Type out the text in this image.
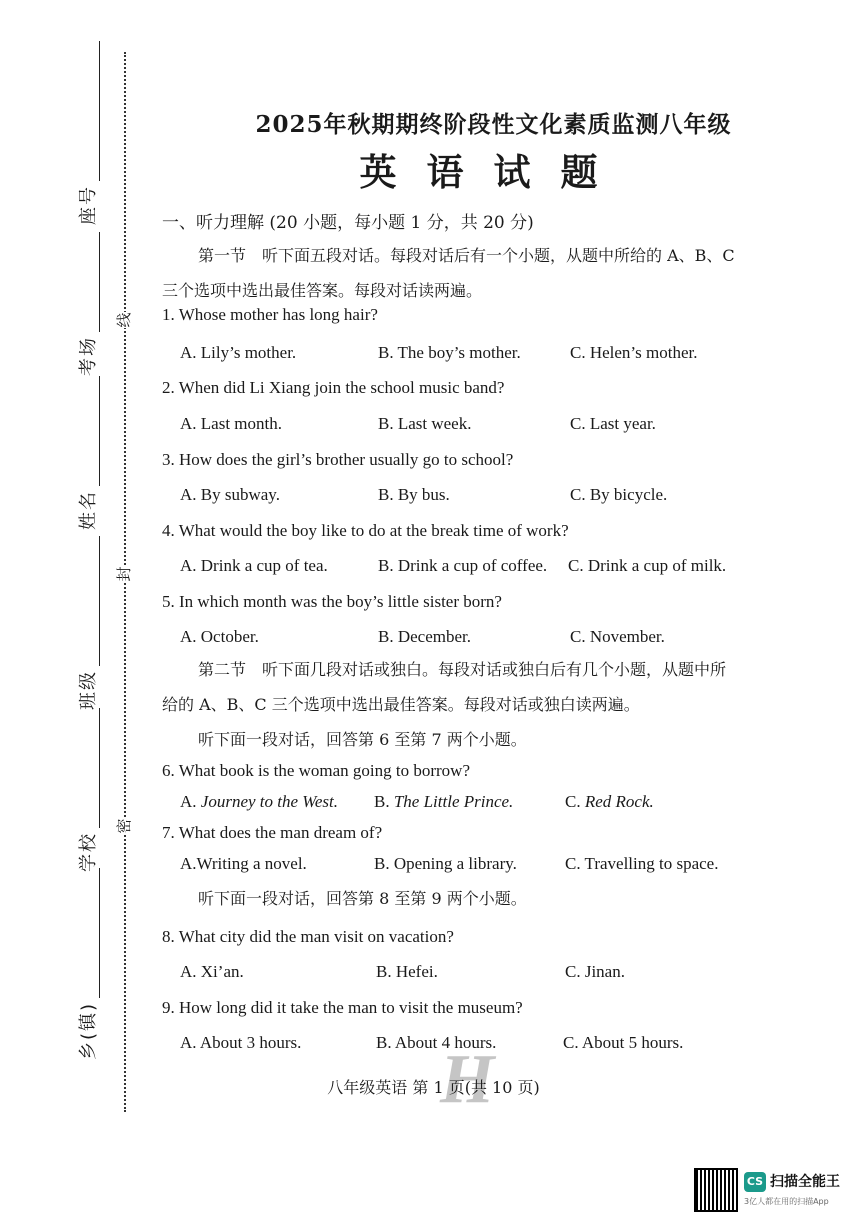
线
封
密
座号
考场
姓名
班级
学校
乡(镇)
2025年秋期期终阶段性文化素质监测八年级
英语试题
一、听力理解 (20 小题，每小题 1 分，共 20 分)
第一节　听下面五段对话。每段对话后有一个小题，从题中所给的 A、B、C
三个选项中选出最佳答案。每段对话读两遍。
1. Whose mother has long hair?
A. Lily’s mother.	B. The boy’s mother.	C. Helen’s mother.
2. When did Li Xiang join the school music band?
A. Last month.	B. Last week.	C. Last year.
3. How does the girl’s brother usually go to school?
A. By subway.	B. By bus.	C. By bicycle.
4. What would the boy like to do at the break time of work?
A. Drink a cup of tea.	B. Drink a cup of coffee. C. Drink a cup of milk.
5. In which month was the boy’s little sister born?
A. October.	B. December.	C. November.
第二节　听下面几段对话或独白。每段对话或独白后有几个小题，从题中所
给的 A、B、C 三个选项中选出最佳答案。每段对话或独白读两遍。
听下面一段对话，回答第 6 至第 7 两个小题。
6. What book is the woman going to borrow?
A. Journey to the West. B. The Little Prince.	C. Red Rock.
7. What does the man dream of?
A.Writing a novel.	B. Opening a library.	C. Travelling to space.
听下面一段对话，回答第 8 至第 9 两个小题。
8. What city did the man visit on vacation?
A. Xi’an.	B. Hefei.	C. Jinan.
9. How long did it take the man to visit the museum?
A. About 3 hours.	B. About 4 hours.	C. About 5 hours.
H
八年级英语 第 1 页(共 10 页)
CS 扫描全能王
3亿人都在用的扫描App
